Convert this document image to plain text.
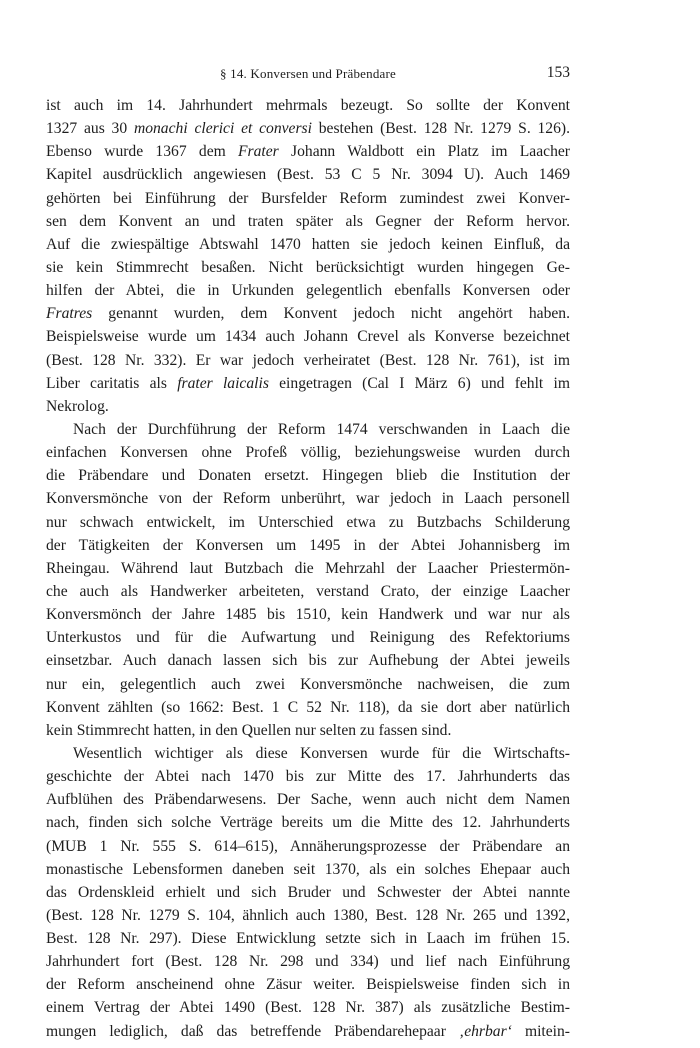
§ 14. Konversen und Präbendare	153
ist auch im 14. Jahrhundert mehrmals bezeugt. So sollte der Konvent
1327 aus 30 monachi clerici et conversi bestehen (Best. 128 Nr. 1279 S. 126).
Ebenso wurde 1367 dem Frater Johann Waldbott ein Platz im Laacher
Kapitel ausdrücklich angewiesen (Best. 53 C 5 Nr. 3094 U). Auch 1469
gehörten bei Einführung der Bursfelder Reform zumindest zwei Konver-
sen dem Konvent an und traten später als Gegner der Reform hervor.
Auf die zwiespältige Abtswahl 1470 hatten sie jedoch keinen Einfluß, da
sie kein Stimmrecht besaßen. Nicht berücksichtigt wurden hingegen Ge-
hilfen der Abtei, die in Urkunden gelegentlich ebenfalls Konversen oder
Fratres genannt wurden, dem Konvent jedoch nicht angehört haben.
Beispielsweise wurde um 1434 auch Johann Crevel als Konverse bezeichnet
(Best. 128 Nr. 332). Er war jedoch verheiratet (Best. 128 Nr. 761), ist im
Liber caritatis als frater laicalis eingetragen (Cal I März 6) und fehlt im
Nekrolog.
Nach der Durchführung der Reform 1474 verschwanden in Laach die
einfachen Konversen ohne Profeß völlig, beziehungsweise wurden durch
die Präbendare und Donaten ersetzt. Hingegen blieb die Institution der
Konversmönche von der Reform unberührt, war jedoch in Laach personell
nur schwach entwickelt, im Unterschied etwa zu Butzbachs Schilderung
der Tätigkeiten der Konversen um 1495 in der Abtei Johannisberg im
Rheingau. Während laut Butzbach die Mehrzahl der Laacher Priestermön-
che auch als Handwerker arbeiteten, verstand Crato, der einzige Laacher
Konversmönch der Jahre 1485 bis 1510, kein Handwerk und war nur als
Unterkustos und für die Aufwartung und Reinigung des Refektoriums
einsetzbar. Auch danach lassen sich bis zur Aufhebung der Abtei jeweils
nur ein, gelegentlich auch zwei Konversmönche nachweisen, die zum
Konvent zählten (so 1662: Best. 1 C 52 Nr. 118), da sie dort aber natürlich
kein Stimmrecht hatten, in den Quellen nur selten zu fassen sind.
Wesentlich wichtiger als diese Konversen wurde für die Wirtschafts-
geschichte der Abtei nach 1470 bis zur Mitte des 17. Jahrhunderts das
Aufblühen des Präbendarwesens. Der Sache, wenn auch nicht dem Namen
nach, finden sich solche Verträge bereits um die Mitte des 12. Jahrhunderts
(MUB 1 Nr. 555 S. 614–615), Annäherungsprozesse der Präbendare an
monastische Lebensformen daneben seit 1370, als ein solches Ehepaar auch
das Ordenskleid erhielt und sich Bruder und Schwester der Abtei nannte
(Best. 128 Nr. 1279 S. 104, ähnlich auch 1380, Best. 128 Nr. 265 und 1392,
Best. 128 Nr. 297). Diese Entwicklung setzte sich in Laach im frühen 15.
Jahrhundert fort (Best. 128 Nr. 298 und 334) und lief nach Einführung
der Reform anscheinend ohne Zäsur weiter. Beispielsweise finden sich in
einem Vertrag der Abtei 1490 (Best. 128 Nr. 387) als zusätzliche Bestim-
mungen lediglich, daß das betreffende Präbendarehepaar ‚ehrbar‘ mitein-
